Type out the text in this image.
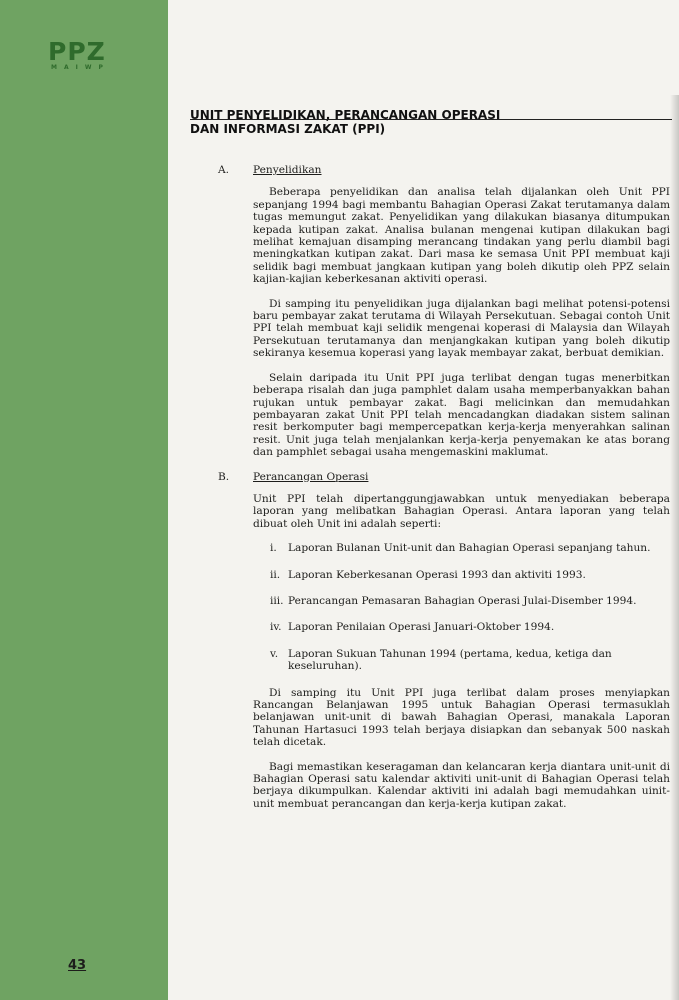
PPZ
MAIWP
43
UNIT PENYELIDIKAN, PERANCANGAN OPERASI
DAN INFORMASI ZAKAT (PPI)
A.	Penyelidikan

Beberapa penyelidikan dan analisa telah dijalankan oleh Unit PPI sepanjang 1994 bagi membantu Bahagian Operasi Zakat terutamanya dalam tugas memungut zakat. Penyelidikan yang dilakukan biasanya ditumpukan kepada kutipan zakat. Analisa bulanan mengenai kutipan dilakukan bagi melihat kemajuan disamping merancang tindakan yang perlu diambil bagi meningkatkan kutipan zakat. Dari masa ke semasa Unit PPI membuat kaji selidik bagi membuat jangkaan kutipan yang boleh dikutip oleh PPZ selain kajian-kajian keberkesanan aktiviti operasi.

Di samping itu penyelidikan juga dijalankan bagi melihat potensi-potensi baru pembayar zakat terutama di Wilayah Persekutuan. Sebagai contoh Unit PPI telah membuat kaji selidik mengenai koperasi di Malaysia dan Wilayah Persekutuan terutamanya dan menjangkakan kutipan yang boleh dikutip sekiranya kesemua koperasi yang layak membayar zakat, berbuat demikian.

Selain daripada itu Unit PPI juga terlibat dengan tugas menerbitkan beberapa risalah dan juga pamphlet dalam usaha memperbanyakkan bahan rujukan untuk pembayar zakat. Bagi melicinkan dan memudahkan pembayaran zakat Unit PPI telah mencadangkan diadakan sistem salinan resit berkomputer bagi mempercepatkan kerja-kerja menyerahkan salinan resit. Unit juga telah menjalankan kerja-kerja penyemakan ke atas borang dan pamphlet sebagai usaha mengemaskini maklumat.

B.	Perancangan Operasi

Unit PPI telah dipertanggungjawabkan untuk menyediakan beberapa laporan yang melibatkan Bahagian Operasi. Antara laporan yang telah dibuat oleh Unit ini adalah seperti:

i.	Laporan Bulanan Unit-unit dan Bahagian Operasi sepanjang tahun.
ii. Laporan Keberkesanan Operasi 1993 dan aktiviti 1993.
iii. Perancangan Pemasaran Bahagian Operasi Julai-Disember 1994.
iv. Laporan Penilaian Operasi Januari-Oktober 1994.
v. Laporan Sukuan Tahunan 1994 (pertama, kedua, ketiga dan keseluruhan).

Di samping itu Unit PPI juga terlibat dalam proses menyiapkan Rancangan Belanjawan 1995 untuk Bahagian Operasi termasuklah belanjawan unit-unit di bawah Bahagian Operasi, manakala Laporan Tahunan Hartasuci 1993 telah berjaya disiapkan dan sebanyak 500 naskah telah dicetak.

Bagi memastikan keseragaman dan kelancaran kerja diantara unit-unit di Bahagian Operasi satu kalendar aktiviti unit-unit di Bahagian Operasi telah berjaya dikumpulkan. Kalendar aktiviti ini adalah bagi memudahkan uinit-unit membuat perancangan dan kerja-kerja kutipan zakat.
